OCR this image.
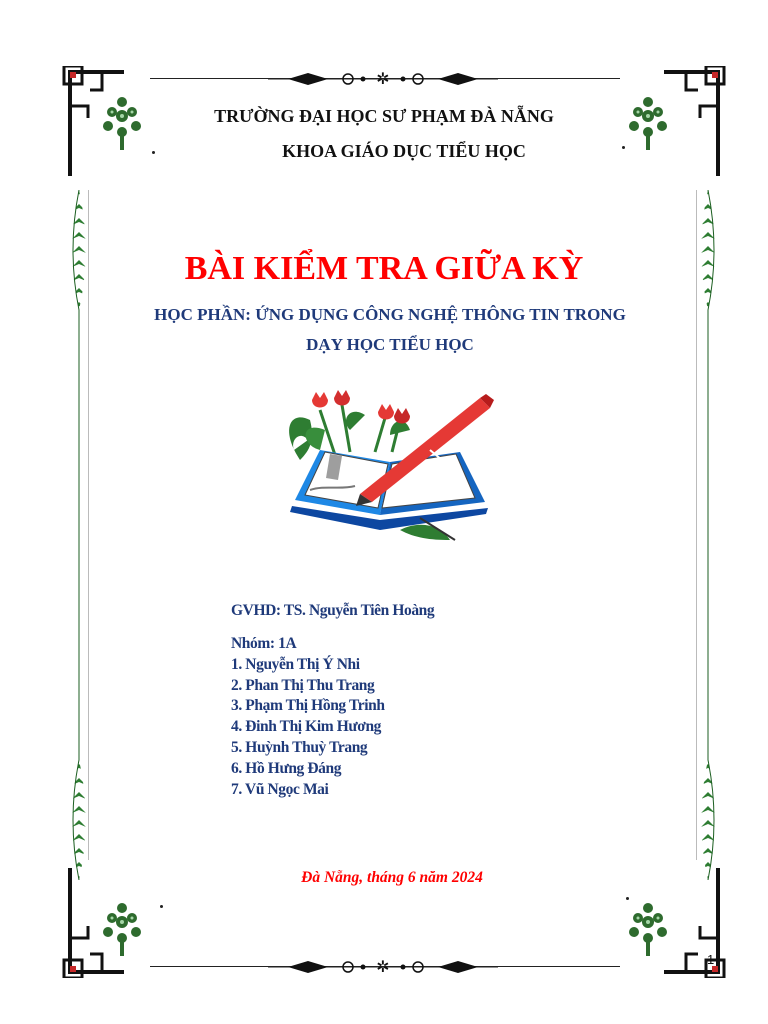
✲
✲
TRƯỜNG ĐẠI HỌC SƯ PHẠM ĐÀ NẴNG
KHOA GIÁO DỤC TIỂU HỌC
BÀI KIỂM TRA GIỮA KỲ
HỌC PHẦN: ỨNG DỤNG CÔNG NGHỆ THÔNG TIN TRONG
DẠY HỌC TIỂU HỌC
GVHD: TS. Nguyễn Tiên Hoàng
Nhóm: 1A
1. Nguyễn Thị Ý Nhi
2. Phan Thị Thu Trang
3. Phạm Thị Hồng Trinh
4. Đinh Thị Kim Hương
5. Huỳnh Thuỳ Trang
6. Hồ Hưng Đáng
7. Vũ Ngọc Mai
Đà Nẵng, tháng 6 năm 2024
1
